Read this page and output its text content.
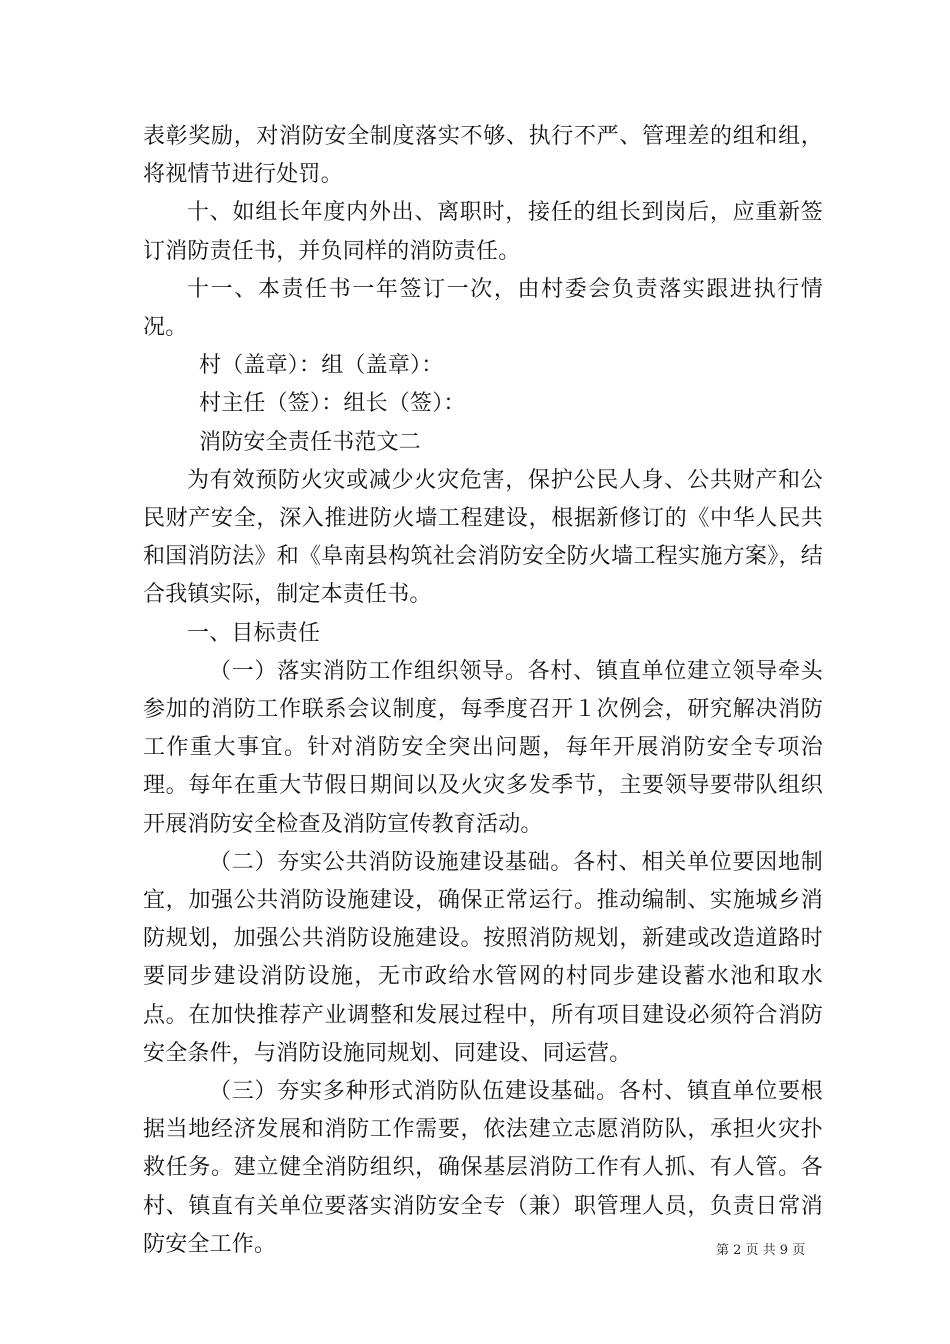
表彰奖励，对消防安全制度落实不够、执行不严、管理差的组和组，将视情节进行处罚。

十、如组长年度内外出、离职时，接任的组长到岗后，应重新签订消防责任书，并负同样的消防责任。

十一、本责任书一年签订一次，由村委会负责落实跟进执行情况。

村（盖章）：组（盖章）：

村主任（签）：组长（签）：

消防安全责任书范文二

为有效预防火灾或减少火灾危害，保护公民人身、公共财产和公民财产安全，深入推进防火墙工程建设，根据新修订的《中华人民共和国消防法》和《阜南县构筑社会消防安全防火墙工程实施方案》，结合我镇实际，制定本责任书。

一、目标责任

（一）落实消防工作组织领导。各村、镇直单位建立领导牵头参加的消防工作联系会议制度，每季度召开１次例会，研究解决消防工作重大事宜。针对消防安全突出问题，每年开展消防安全专项治理。每年在重大节假日期间以及火灾多发季节，主要领导要带队组织开展消防安全检查及消防宣传教育活动。

（二）夯实公共消防设施建设基础。各村、相关单位要因地制宜，加强公共消防设施建设，确保正常运行。推动编制、实施城乡消防规划，加强公共消防设施建设。按照消防规划，新建或改造道路时要同步建设消防设施，无市政给水管网的村同步建设蓄水池和取水点。在加快推荐产业调整和发展过程中，所有项目建设必须符合消防安全条件，与消防设施同规划、同建设、同运营。

（三）夯实多种形式消防队伍建设基础。各村、镇直单位要根据当地经济发展和消防工作需要，依法建立志愿消防队，承担火灾扑救任务。建立健全消防组织，确保基层消防工作有人抓、有人管。各村、镇直有关单位要落实消防安全专（兼）职管理人员，负责日常消防安全工作。	第 2 页 共 9 页
